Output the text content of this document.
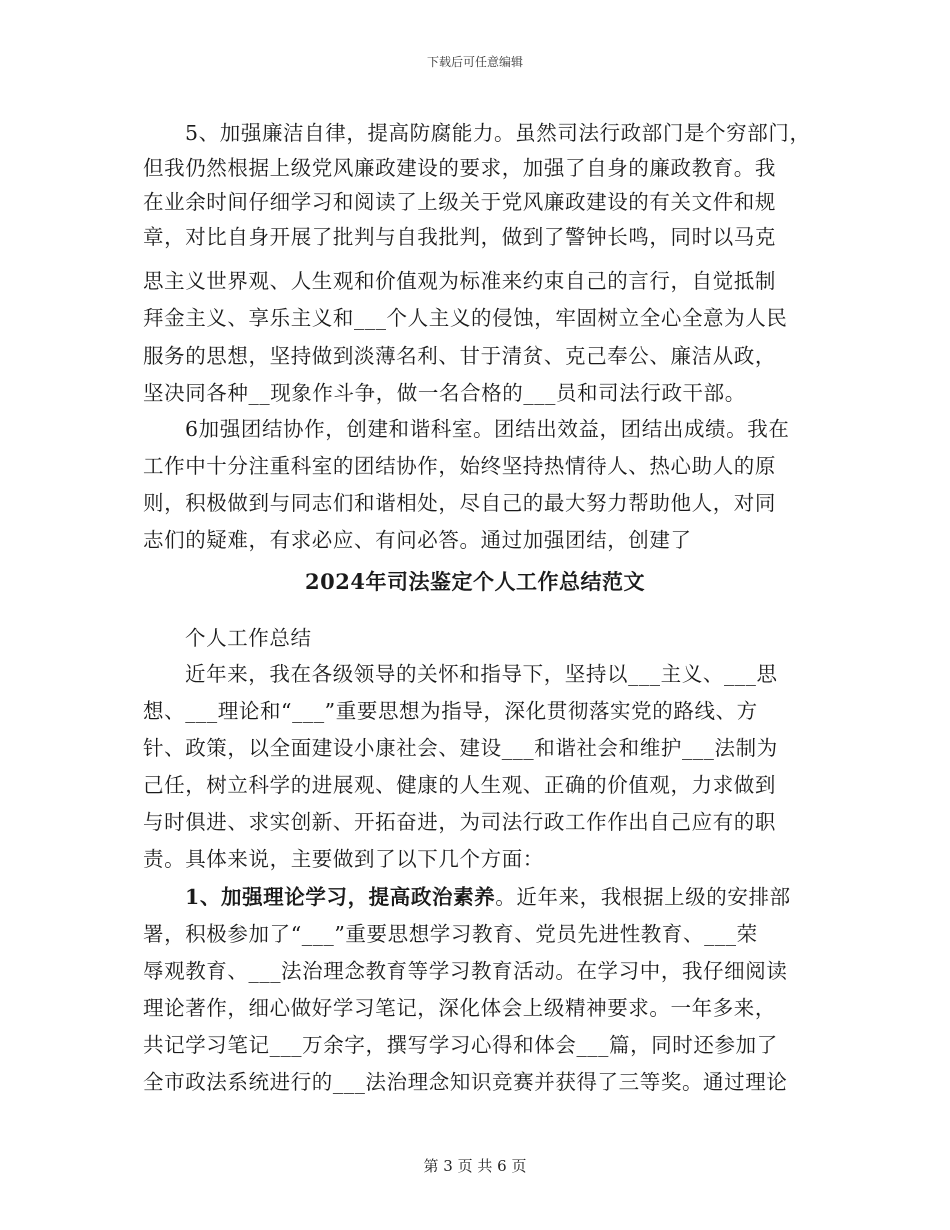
下载后可任意编辑
5、加强廉洁自律，提高防腐能力。虽然司法行政部门是个穷部门，
但我仍然根据上级党风廉政建设的要求，加强了自身的廉政教育。我
在业余时间仔细学习和阅读了上级关于党风廉政建设的有关文件和规
章，对比自身开展了批判与自我批判，做到了警钟长鸣，同时以马克
思主义世界观、人生观和价值观为标准来约束自己的言行，自觉抵制
拜金主义、享乐主义和___个人主义的侵蚀，牢固树立全心全意为人民
服务的思想，坚持做到淡薄名利、甘于清贫、克己奉公、廉洁从政，
坚决同各种__现象作斗争，做一名合格的___员和司法行政干部。
6加强团结协作，创建和谐科室。团结出效益，团结出成绩。我在
工作中十分注重科室的团结协作，始终坚持热情待人、热心助人的原
则，积极做到与同志们和谐相处，尽自己的最大努力帮助他人，对同
志们的疑难，有求必应、有问必答。通过加强团结，创建了
2024年司法鉴定个人工作总结范文
个人工作总结
近年来，我在各级领导的关怀和指导下，坚持以___主义、___思
想、___理论和“___”重要思想为指导，深化贯彻落实党的路线、方
针、政策，以全面建设小康社会、建设___和谐社会和维护___法制为
己任，树立科学的进展观、健康的人生观、正确的价值观，力求做到
与时俱进、求实创新、开拓奋进，为司法行政工作作出自己应有的职
责。具体来说，主要做到了以下几个方面：
1、加强理论学习，提高政治素养。近年来，我根据上级的安排部
署，积极参加了“___”重要思想学习教育、党员先进性教育、___荣
辱观教育、___法治理念教育等学习教育活动。在学习中，我仔细阅读
理论著作，细心做好学习笔记，深化体会上级精神要求。一年多来，
共记学习笔记___万余字，撰写学习心得和体会___篇，同时还参加了
全市政法系统进行的___法治理念知识竞赛并获得了三等奖。通过理论
第 3 页 共 6 页
